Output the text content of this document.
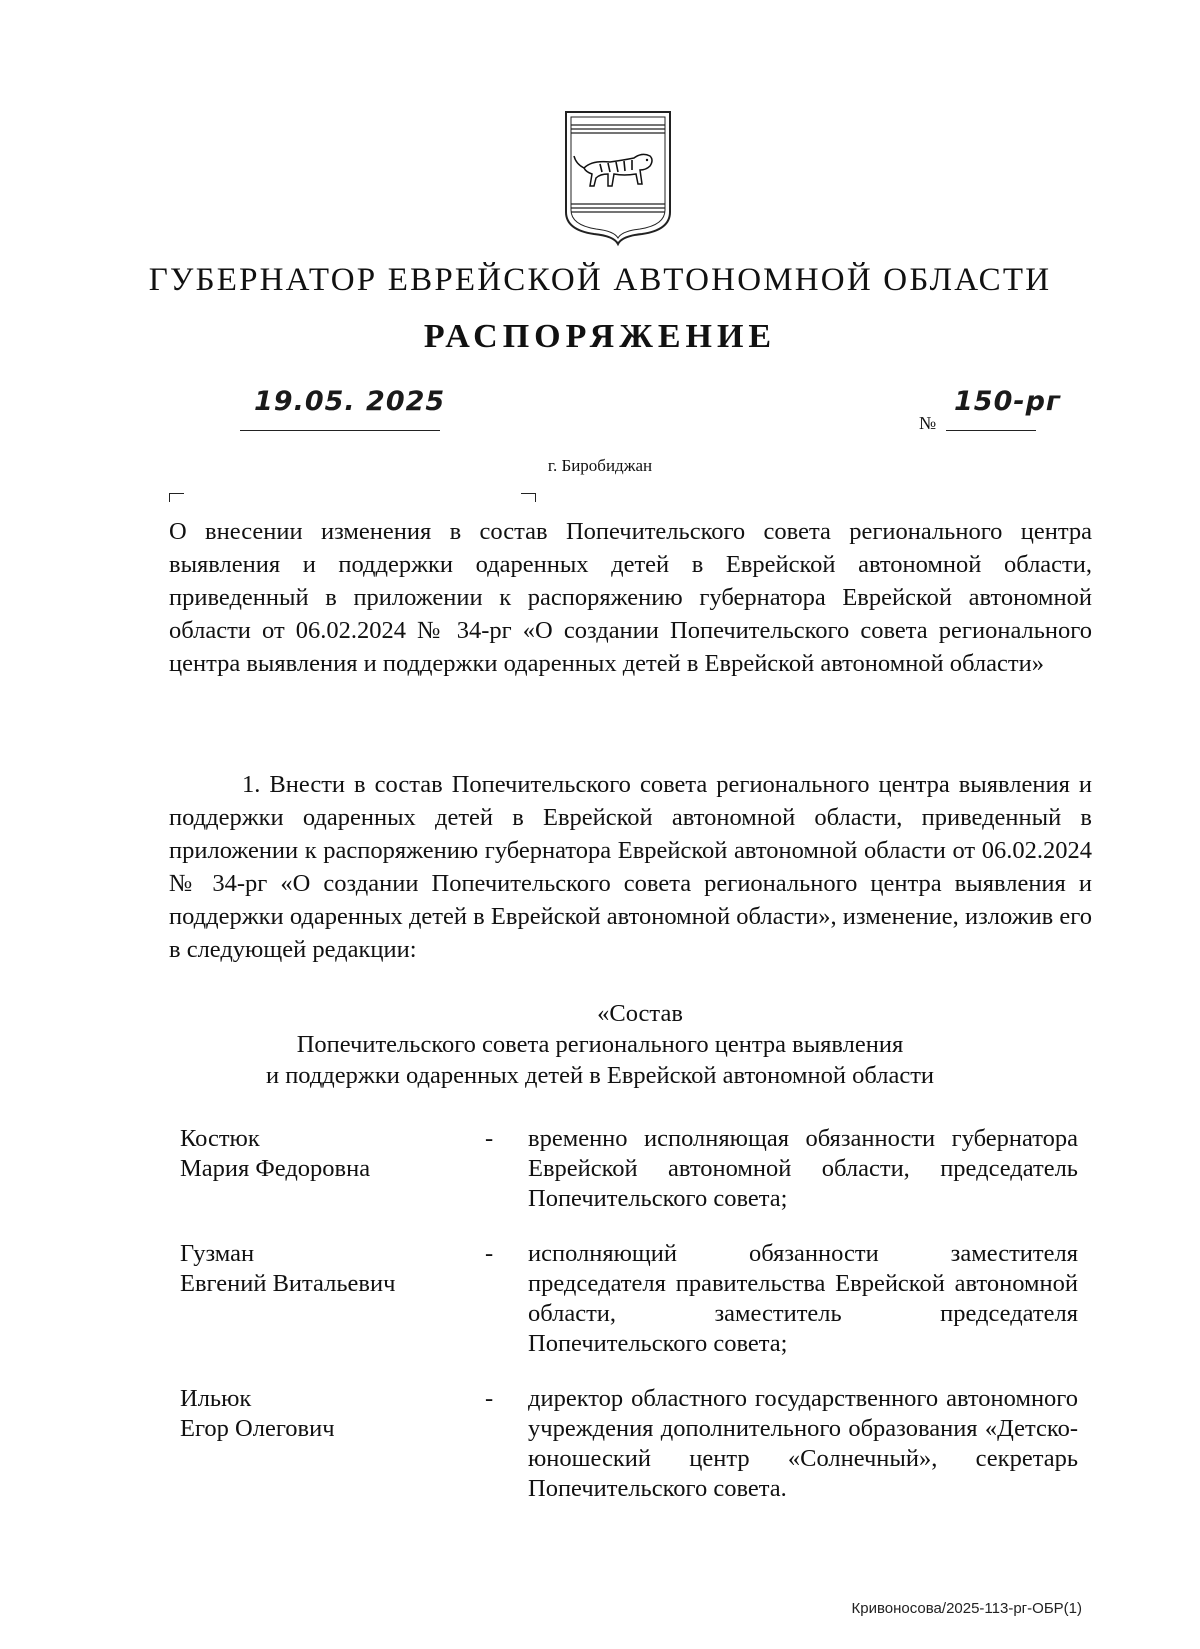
ГУБЕРНАТОР ЕВРЕЙСКОЙ АВТОНОМНОЙ ОБЛАСТИ
РАСПОРЯЖЕНИЕ
19.05. 2025
№
150-рг
г. Биробиджан
О внесении изменения в состав Попечительского совета регионального центра выявления и поддержки одаренных детей в Еврейской автономной области, приведенный в приложении к распоряжению губернатора Еврейской автономной области от 06.02.2024 № 34-рг «О создании Попечительского совета регионального центра выявления и поддержки одаренных детей в Еврейской автономной области»
1. Внести в состав Попечительского совета регионального центра выявления и поддержки одаренных детей в Еврейской автономной области, приведенный в приложении к распоряжению губернатора Еврейской автономной области от 06.02.2024 № 34-рг «О создании Попечительского совета регионального центра выявления и поддержки одаренных детей в Еврейской автономной области», изменение, изложив его в следующей редакции:
«Состав
Попечительского совета регионального центра выявления
и поддержки одаренных детей в Еврейской автономной области
Костюк
Мария Федоровна
- временно исполняющая обязанности губернатора Еврейской автономной области, председатель Попечительского совета;
Гузман
Евгений Витальевич
- исполняющий обязанности заместителя председателя правительства Еврейской автономной области, заместитель председателя Попечительского совета;
Ильюк
Егор Олегович
- директор областного государственного автономного учреждения дополнительного образования «Детско-юношеский центр «Солнечный», секретарь Попечительского совета.
Кривоносова/2025-113-рг-ОБР(1)
